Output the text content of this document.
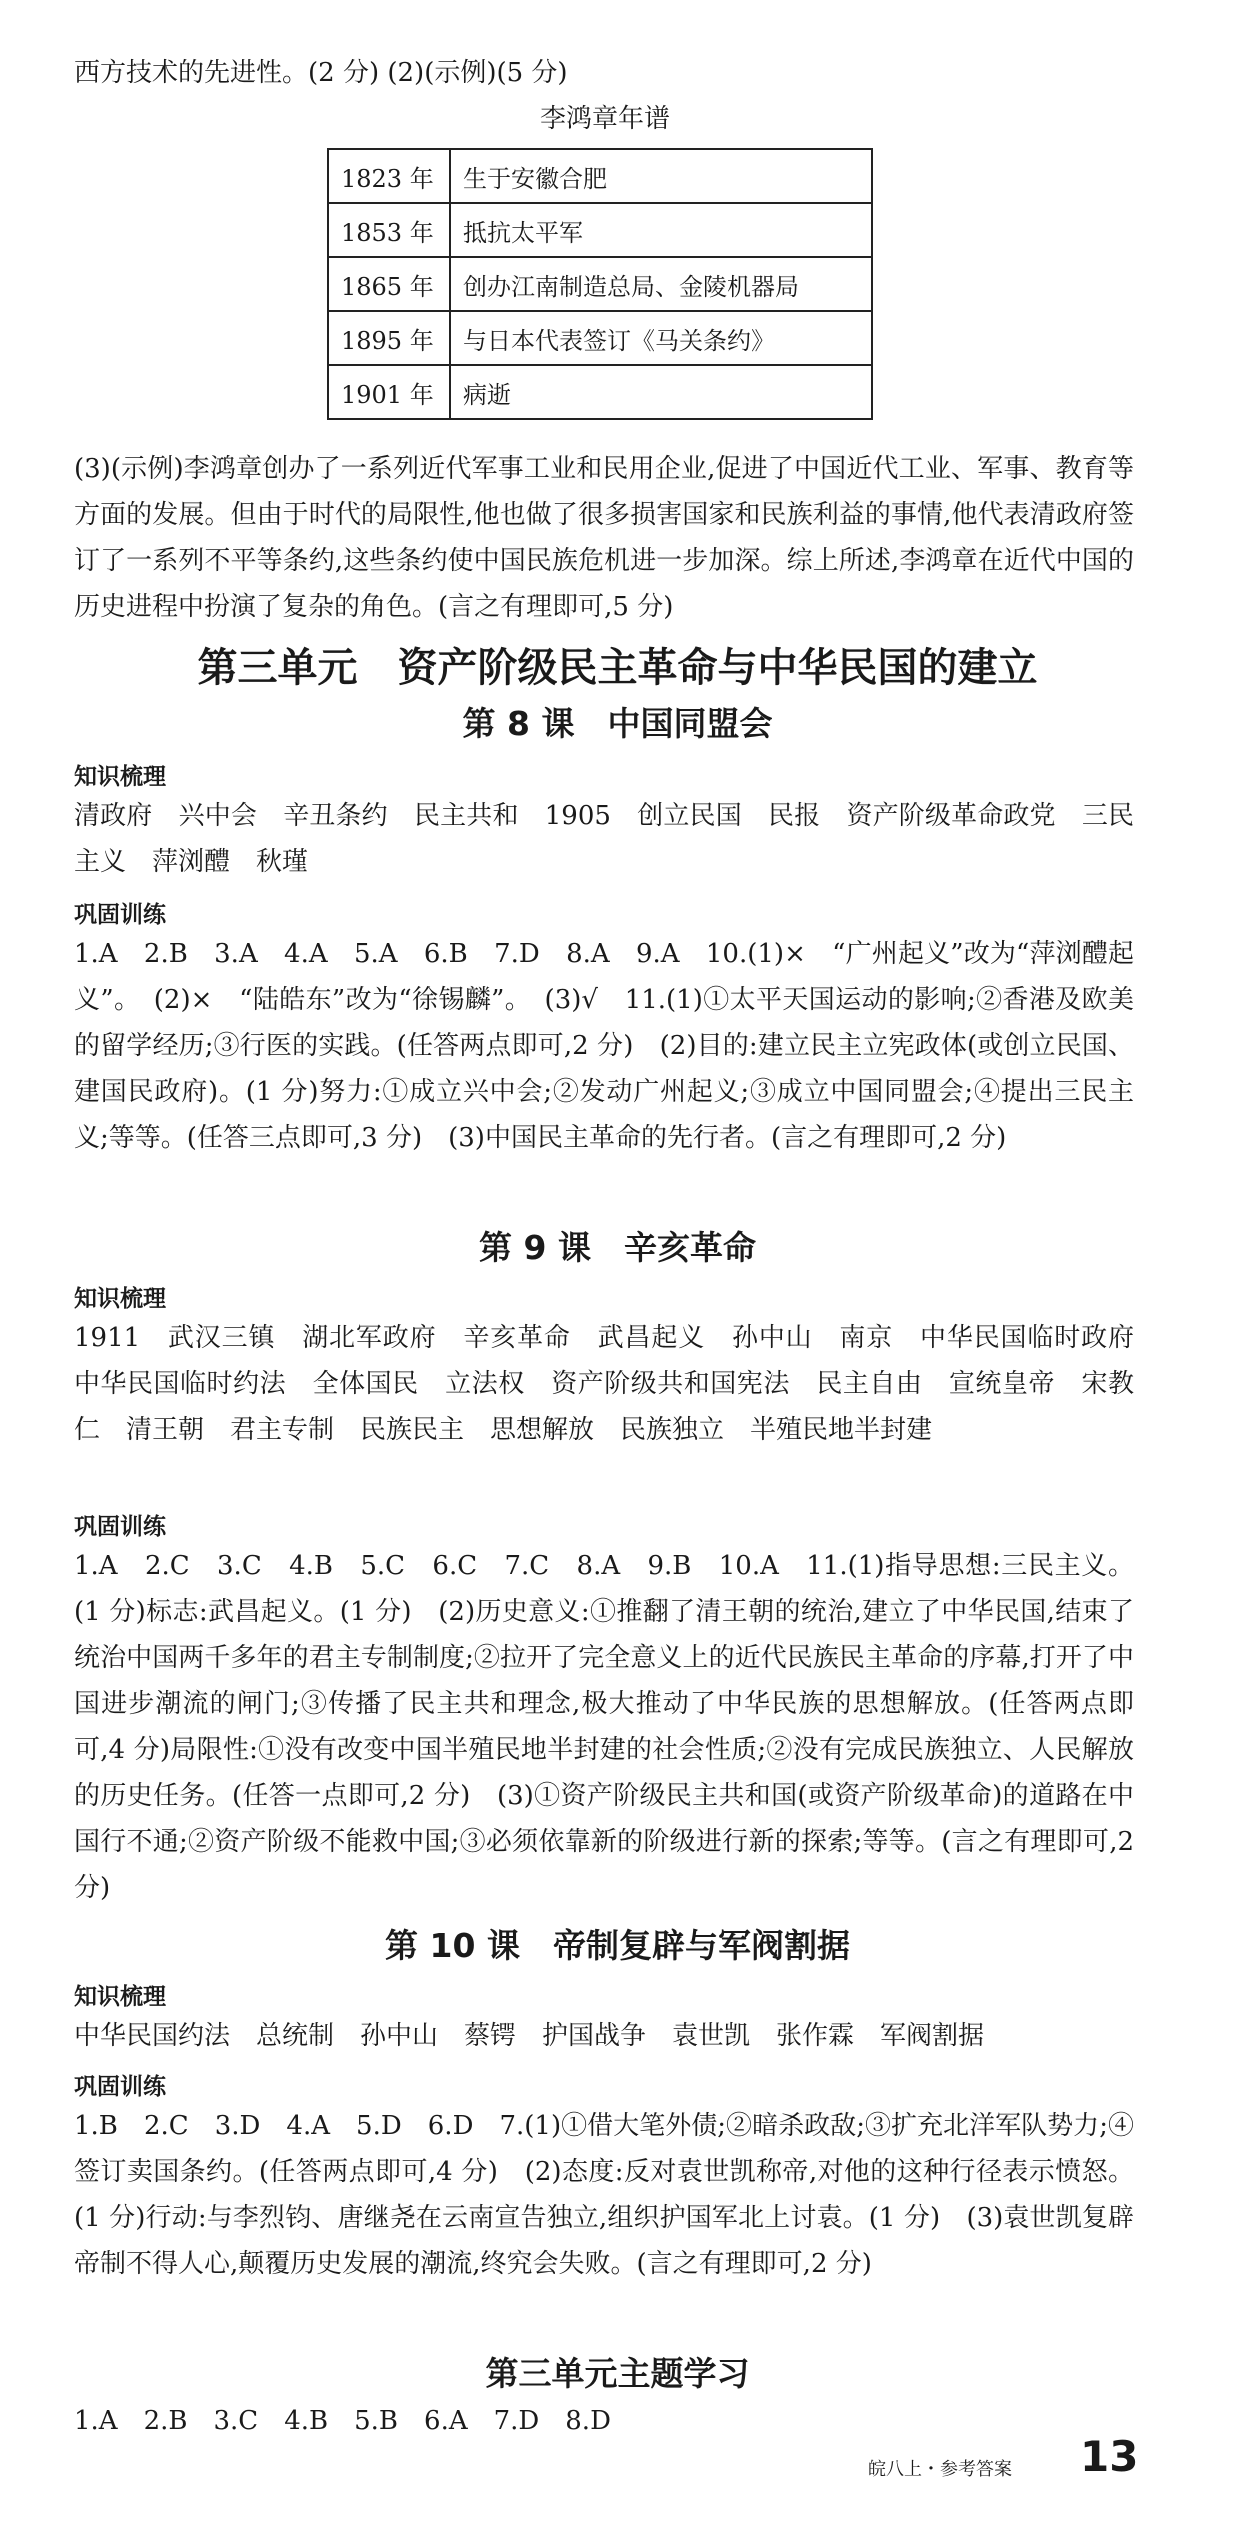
西方技术的先进性。(2 分) (2)(示例)(5 分)
李鸿章年谱
1823 年	生于安徽合肥
1853 年	抵抗太平军
1865 年	创办江南制造总局、金陵机器局
1895 年	与日本代表签订《马关条约》
1901 年	病逝
(3)(示例)李鸿章创办了一系列近代军事工业和民用企业,促进了中国近代工业、军事、教育等方面的发展。但由于时代的局限性,他也做了很多损害国家和民族利益的事情,他代表清政府签订了一系列不平等条约,这些条约使中国民族危机进一步加深。综上所述,李鸿章在近代中国的历史进程中扮演了复杂的角色。(言之有理即可,5 分)
第三单元　资产阶级民主革命与中华民国的建立
第 8 课　中国同盟会
知识梳理
清政府　兴中会　辛丑条约　民主共和　1905　创立民国　民报　资产阶级革命政党　三民主义　萍浏醴　秋瑾
巩固训练
1.A　2.B　3.A　4.A　5.A　6.B　7.D　8.A　9.A　10.(1)×　“广州起义”改为“萍浏醴起义”。　(2)×　“陆皓东”改为“徐锡麟”。　(3)√　11.(1)①太平天国运动的影响;②香港及欧美的留学经历;③行医的实践。(任答两点即可,2 分)　(2)目的:建立民主立宪政体(或创立民国、建国民政府)。(1 分)努力:①成立兴中会;②发动广州起义;③成立中国同盟会;④提出三民主义;等等。(任答三点即可,3 分)　(3)中国民主革命的先行者。(言之有理即可,2 分)
第 9 课　辛亥革命
知识梳理
1911　武汉三镇　湖北军政府　辛亥革命　武昌起义　孙中山　南京　中华民国临时政府　中华民国临时约法　全体国民　立法权　资产阶级共和国宪法　民主自由　宣统皇帝　宋教仁　清王朝　君主专制　民族民主　思想解放　民族独立　半殖民地半封建
巩固训练
1.A　2.C　3.C　4.B　5.C　6.C　7.C　8.A　9.B　10.A　11.(1)指导思想:三民主义。(1 分)标志:武昌起义。(1 分)　(2)历史意义:①推翻了清王朝的统治,建立了中华民国,结束了统治中国两千多年的君主专制制度;②拉开了完全意义上的近代民族民主革命的序幕,打开了中国进步潮流的闸门;③传播了民主共和理念,极大推动了中华民族的思想解放。(任答两点即可,4 分)局限性:①没有改变中国半殖民地半封建的社会性质;②没有完成民族独立、人民解放的历史任务。(任答一点即可,2 分)　(3)①资产阶级民主共和国(或资产阶级革命)的道路在中国行不通;②资产阶级不能救中国;③必须依靠新的阶级进行新的探索;等等。(言之有理即可,2 分)
第 10 课　帝制复辟与军阀割据
知识梳理
中华民国约法　总统制　孙中山　蔡锷　护国战争　袁世凯　张作霖　军阀割据
巩固训练
1.B　2.C　3.D　4.A　5.D　6.D　7.(1)①借大笔外债;②暗杀政敌;③扩充北洋军队势力;④签订卖国条约。(任答两点即可,4 分)　(2)态度:反对袁世凯称帝,对他的这种行径表示愤怒。(1 分)行动:与李烈钧、唐继尧在云南宣告独立,组织护国军北上讨袁。(1 分)　(3)袁世凯复辟帝制不得人心,颠覆历史发展的潮流,终究会失败。(言之有理即可,2 分)
第三单元主题学习
1.A　2.B　3.C　4.B　5.B　6.A　7.D　8.D
皖八上・参考答案 13
